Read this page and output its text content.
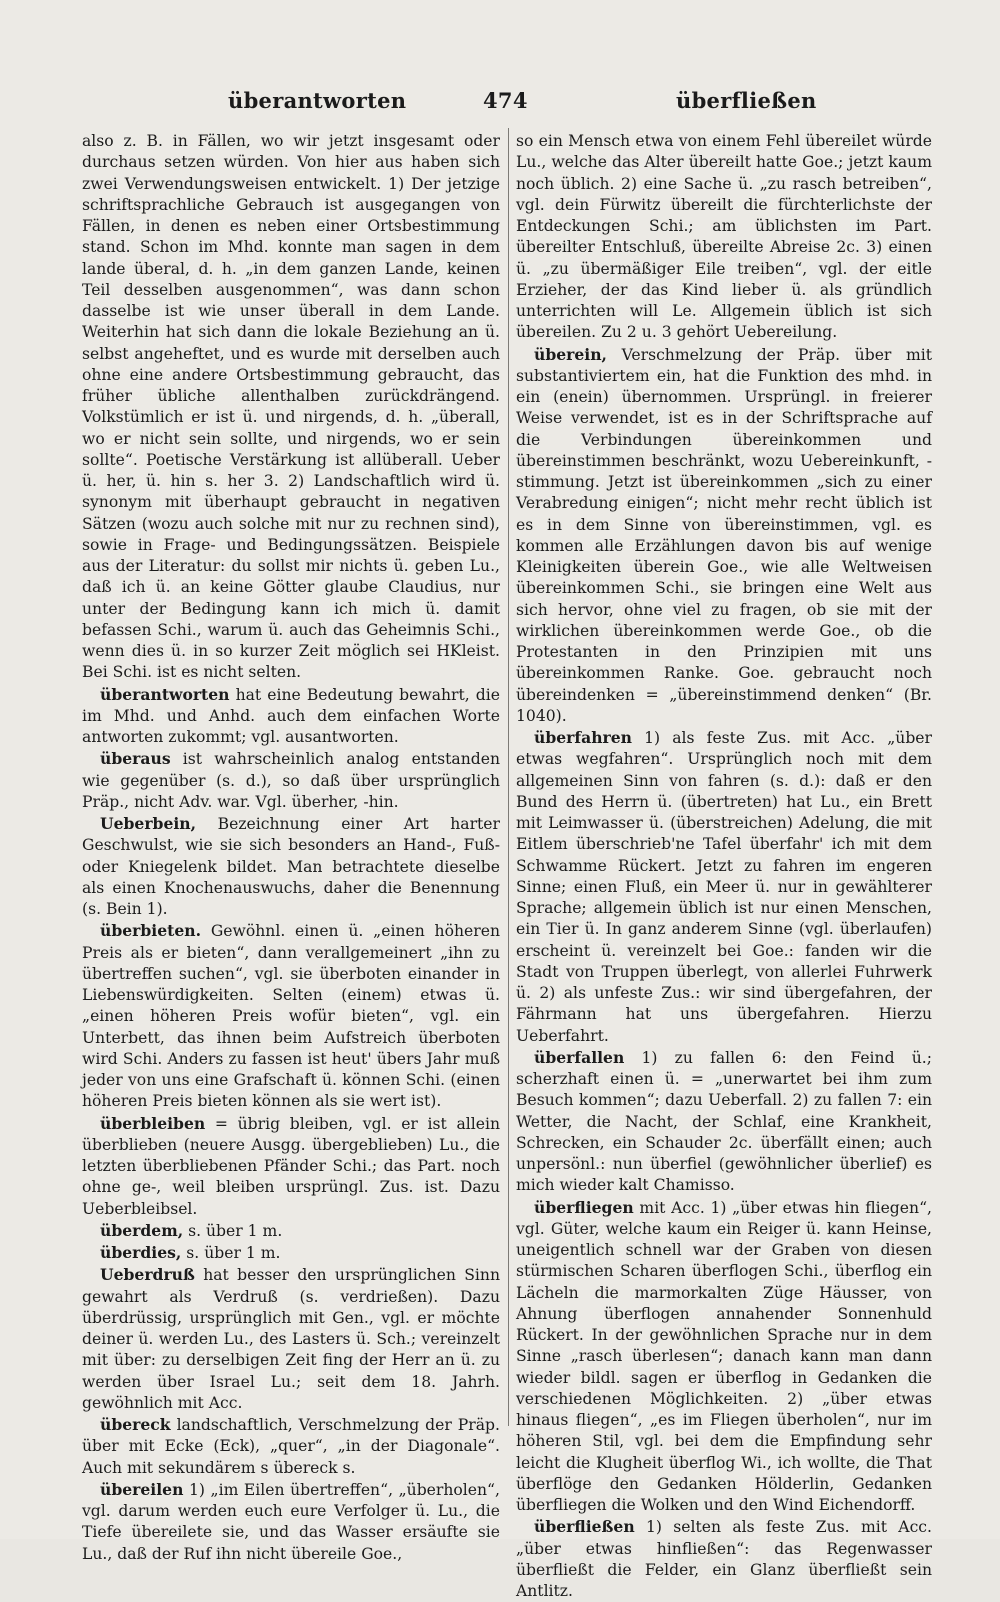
überantworten	474	überfließen

also z. B. in Fällen, wo wir jetzt insgesamt oder durchaus setzen würden. Von hier aus haben sich zwei Verwendungsweisen entwickelt. 1) Der jetzige schriftsprachliche Gebrauch ist ausgegangen von Fällen, in denen es neben einer Ortsbestimmung stand. Schon im Mhd. konnte man sagen in dem lande überal, d. h. „in dem ganzen Lande, keinen Teil desselben ausgenommen“, was dann schon dasselbe ist wie unser überall in dem Lande. Weiterhin hat sich dann die lokale Beziehung an ü. selbst angeheftet, und es wurde mit derselben auch ohne eine andere Ortsbestimmung gebraucht, das früher übliche allenthalben zurückdrängend. Volkstümlich er ist ü. und nirgends, d. h. „überall, wo er nicht sein sollte, und nirgends, wo er sein sollte“. Poetische Verstärkung ist allüberall. Ueber ü. her, ü. hin s. her 3. 2) Landschaftlich wird ü. synonym mit überhaupt gebraucht in negativen Sätzen (wozu auch solche mit nur zu rechnen sind), sowie in Frage- und Bedingungssätzen. Beispiele aus der Literatur: du sollst mir nichts ü. geben Lu., daß ich ü. an keine Götter glaube Claudius, nur unter der Bedingung kann ich mich ü. damit befassen Schi., warum ü. auch das Geheimnis Schi., wenn dies ü. in so kurzer Zeit möglich sei HKleist. Bei Schi. ist es nicht selten.

überantworten hat eine Bedeutung bewahrt, die im Mhd. und Anhd. auch dem einfachen Worte antworten zukommt; vgl. ausantworten.

überaus ist wahrscheinlich analog entstanden wie gegenüber (s. d.), so daß über ursprünglich Präp., nicht Adv. war. Vgl. überher, -hin.

Ueberbein, Bezeichnung einer Art harter Geschwulst, wie sie sich besonders an Hand-, Fuß- oder Kniegelenk bildet. Man betrachtete dieselbe als einen Knochenauswuchs, daher die Benennung (s. Bein 1).

überbieten. Gewöhnl. einen ü. „einen höheren Preis als er bieten“, dann verallgemeinert „ihn zu übertreffen suchen“, vgl. sie überboten einander in Liebenswürdigkeiten. Selten (einem) etwas ü. „einen höheren Preis wofür bieten“, vgl. ein Unterbett, das ihnen beim Aufstreich überboten wird Schi. Anders zu fassen ist heut' übers Jahr muß jeder von uns eine Grafschaft ü. können Schi. (einen höheren Preis bieten können als sie wert ist).

überbleiben = übrig bleiben, vgl. er ist allein überblieben (neuere Ausgg. übergeblieben) Lu., die letzten überbliebenen Pfänder Schi.; das Part. noch ohne ge-, weil bleiben ursprüngl. Zus. ist. Dazu Ueberbleibsel.

überdem, s. über 1 m.

überdies, s. über 1 m.

Ueberdruß hat besser den ursprünglichen Sinn gewahrt als Verdruß (s. verdrießen). Dazu überdrüssig, ursprünglich mit Gen., vgl. er möchte deiner ü. werden Lu., des Lasters ü. Sch.; vereinzelt mit über: zu derselbigen Zeit fing der Herr an ü. zu werden über Israel Lu.; seit dem 18. Jahrh. gewöhnlich mit Acc.

übereck landschaftlich, Verschmelzung der Präp. über mit Ecke (Eck), „quer“, „in der Diagonale“. Auch mit sekundärem s übereck s.

übereilen 1) „im Eilen übertreffen“, „überholen“, vgl. darum werden euch eure Verfolger ü. Lu., die Tiefe übereilete sie, und das Wasser ersäufte sie Lu., daß der Ruf ihn nicht übereile Goe.,

so ein Mensch etwa von einem Fehl übereilet würde Lu., welche das Alter übereilt hatte Goe.; jetzt kaum noch üblich. 2) eine Sache ü. „zu rasch betreiben“, vgl. dein Fürwitz übereilt die fürchterlichste der Entdeckungen Schi.; am üblichsten im Part. übereilter Entschluß, übereilte Abreise 2c. 3) einen ü. „zu übermäßiger Eile treiben“, vgl. der eitle Erzieher, der das Kind lieber ü. als gründlich unterrichten will Le. Allgemein üblich ist sich übereilen. Zu 2 u. 3 gehört Uebereilung.

überein, Verschmelzung der Präp. über mit substantiviertem ein, hat die Funktion des mhd. in ein (enein) übernommen. Ursprüngl. in freierer Weise verwendet, ist es in der Schriftsprache auf die Verbindungen übereinkommen und übereinstimmen beschränkt, wozu Uebereinkunft, -stimmung. Jetzt ist übereinkommen „sich zu einer Verabredung einigen“; nicht mehr recht üblich ist es in dem Sinne von übereinstimmen, vgl. es kommen alle Erzählungen davon bis auf wenige Kleinigkeiten überein Goe., wie alle Weltweisen übereinkommen Schi., sie bringen eine Welt aus sich hervor, ohne viel zu fragen, ob sie mit der wirklichen übereinkommen werde Goe., ob die Protestanten in den Prinzipien mit uns übereinkommen Ranke. Goe. gebraucht noch übereindenken = „übereinstimmend denken“ (Br. 1040).

überfahren 1) als feste Zus. mit Acc. „über etwas wegfahren“. Ursprünglich noch mit dem allgemeinen Sinn von fahren (s. d.): daß er den Bund des Herrn ü. (übertreten) hat Lu., ein Brett mit Leimwasser ü. (überstreichen) Adelung, die mit Eitlem überschrieb'ne Tafel überfahr' ich mit dem Schwamme Rückert. Jetzt zu fahren im engeren Sinne; einen Fluß, ein Meer ü. nur in gewählterer Sprache; allgemein üblich ist nur einen Menschen, ein Tier ü. In ganz anderem Sinne (vgl. überlaufen) erscheint ü. vereinzelt bei Goe.: fanden wir die Stadt von Truppen überlegt, von allerlei Fuhrwerk ü. 2) als unfeste Zus.: wir sind übergefahren, der Fährmann hat uns übergefahren. Hierzu Ueberfahrt.

überfallen 1) zu fallen 6: den Feind ü.; scherzhaft einen ü. = „unerwartet bei ihm zum Besuch kommen“; dazu Ueberfall. 2) zu fallen 7: ein Wetter, die Nacht, der Schlaf, eine Krankheit, Schrecken, ein Schauder 2c. überfällt einen; auch unpersönl.: nun überfiel (gewöhnlicher überlief) es mich wieder kalt Chamisso.

überfliegen mit Acc. 1) „über etwas hin fliegen“, vgl. Güter, welche kaum ein Reiger ü. kann Heinse, uneigentlich schnell war der Graben von diesen stürmischen Scharen überflogen Schi., überflog ein Lächeln die marmorkalten Züge Häusser, von Ahnung überflogen annahender Sonnenhuld Rückert. In der gewöhnlichen Sprache nur in dem Sinne „rasch überlesen“; danach kann man dann wieder bildl. sagen er überflog in Gedanken die verschiedenen Möglichkeiten. 2) „über etwas hinaus fliegen“, „es im Fliegen überholen“, nur im höheren Stil, vgl. bei dem die Empfindung sehr leicht die Klugheit überflog Wi., ich wollte, die That überflöge den Gedanken Hölderlin, Gedanken überfliegen die Wolken und den Wind Eichendorff.

überfließen 1) selten als feste Zus. mit Acc. „über etwas hinfließen“: das Regenwasser überfließt die Felder, ein Glanz überfließt sein Antlitz.
